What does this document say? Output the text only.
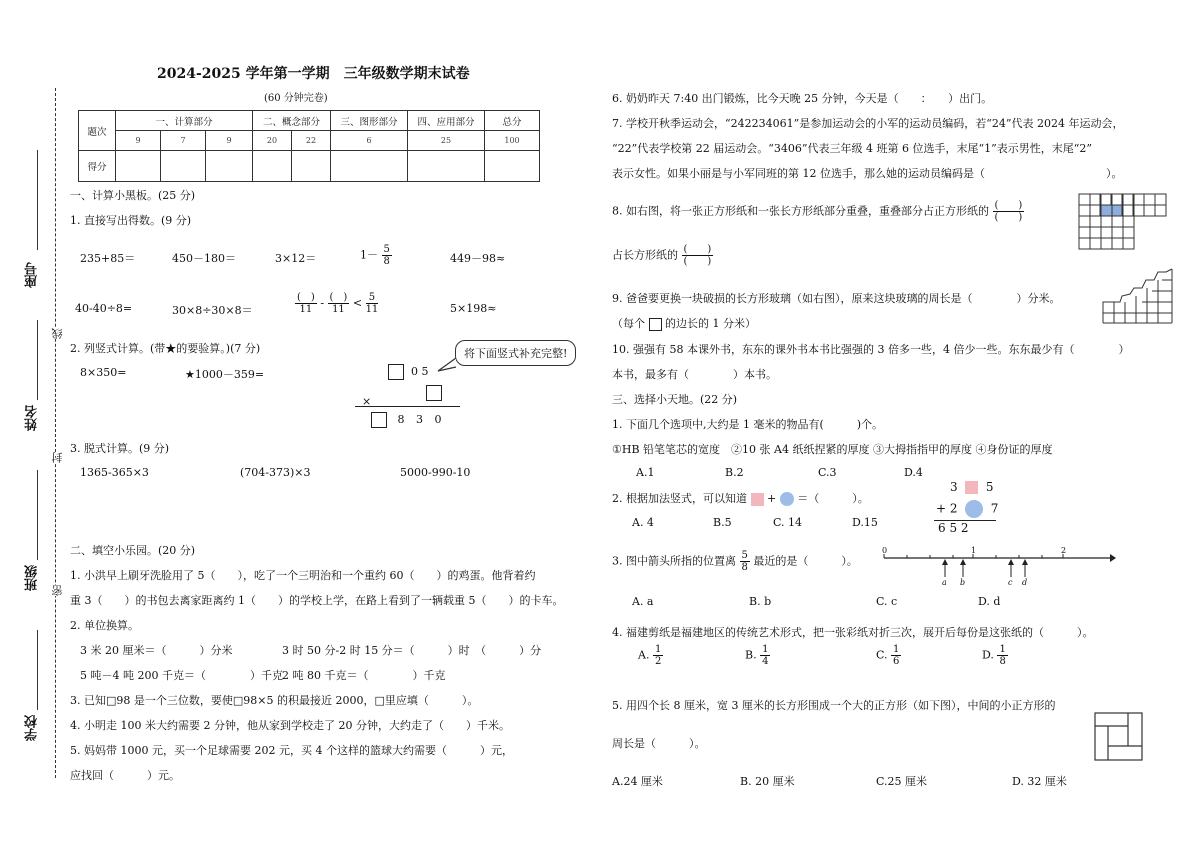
座号
姓名
班级
学校
线
封
密
2024-2025 学年第一学期　三年级数学期末试卷
(60 分钟完卷)
题次	一、计算部分			二、概念部分		三、图形部分	四、应用部分	总分
	9	7	9	20	22	6	25	100
得分								
一、计算小黑板。(25 分)
1. 直接写出得数。(9 分)
235+85＝	450－180＝	3×12＝	$1- \frac{5}{8}$	449－98≈
40-40÷8=	30×8÷30×8＝	$\frac{( )}{11} - \frac{( )}{11} < \frac{5}{11}$	5×198≈
2. 列竖式计算。(带★的要验算。)(7 分)
8×350=	★1000－359=
将下面竖式补充完整!
0 5
×
8 3 0
3. 脱式计算。(9 分)
1365-365×3	(704-373)×3	5000-990-10
二、填空小乐园。(20 分)
1. 小洪早上刷牙洗脸用了 5（　　），吃了一个三明治和一个重约 60（　　）的鸡蛋。他背着约
重 3（　　）的书包去离家距离约 1（　　）的学校上学，在路上看到了一辆载重 5（　　）的卡车。
2. 单位换算。
3 米 20 厘米＝（　　　）分米	3 时 50 分-2 时 15 分＝（　　　）时　（　　　）分
5 吨－4 吨 200 千克＝（　　　　）千克 2 吨 80 千克＝（　　　　）千克
3. 已知□98 是一个三位数，要使□98×5 的积最接近 2000，□里应填（　　　）。
4. 小明走 100 米大约需要 2 分钟，他从家到学校走了 20 分钟，大约走了（　　）千米。
5. 妈妈带 1000 元，买一个足球需要 202 元，买 4 个这样的篮球大约需要（　　　）元，
应找回（　　　）元。
6. 奶奶昨天 7:40 出门锻炼，比今天晚 25 分钟，今天是（　　：　　）出门。
7. 学校开秋季运动会，“242234061”是参加运动会的小军的运动员编码，若“24”代表 2024 年运动会，
“22”代表学校第 22 届运动会。“3406”代表三年级 4 班第 6 位选手，末尾“1”表示男性，末尾“2”
表示女性。如果小丽是与小军同班的第 12 位选手，那么她的运动员编码是（　　　　　　　　　　　）。
8. 如右图，将一张正方形纸和一张长方形纸部分重叠，重叠部分占正方形纸的 $\frac{( )}{( )}$
占长方形纸的 $\frac{( )}{( )}$
9. 爸爸要更换一块破损的长方形玻璃（如右图），原来这块玻璃的周长是（　　　　）分米。
（每个 的边长的 1 分米）
10. 强强有 58 本课外书，东东的课外书本书比强强的 3 倍多一些，4 倍少一些。东东最少有（　　　　）
本书，最多有（　　　　）本书。
三、选择小天地。(22 分)
1. 下面几个选项中,大约是 1 毫米的物品有(　　　)个。
①HB 铅笔笔芯的宽度　②10 张 A4 纸纸捏紧的厚度 ③大拇指指甲的厚度 ④身份证的厚度
A.1	B.2	C.3	D.4
2. 根据加法竖式，可以知道 + ＝（　　　）。
A. 4	B.5	C. 14	D.15
3 5
+ 2	7
6 5 2
3. 图中箭头所指的位置离 $\frac{5}{8}$ 最近的是（　　　）。
0	1	2
a b	c d
A. a	B. b	C. c	D. d
4. 福建剪纸是福建地区的传统艺术形式，把一张彩纸对折三次，展开后每份是这张纸的（　　　）。
A. $\frac{1}{2}$	B. $\frac{1}{4}$	C. $\frac{1}{6}$	D. $\frac{1}{8}$
5. 用四个长 8 厘米，宽 3 厘米的长方形围成一个大的正方形（如下图），中间的小正方形的
周长是（　　　）。
A.24 厘米	B. 20 厘米	C.25 厘米	D. 32 厘米
